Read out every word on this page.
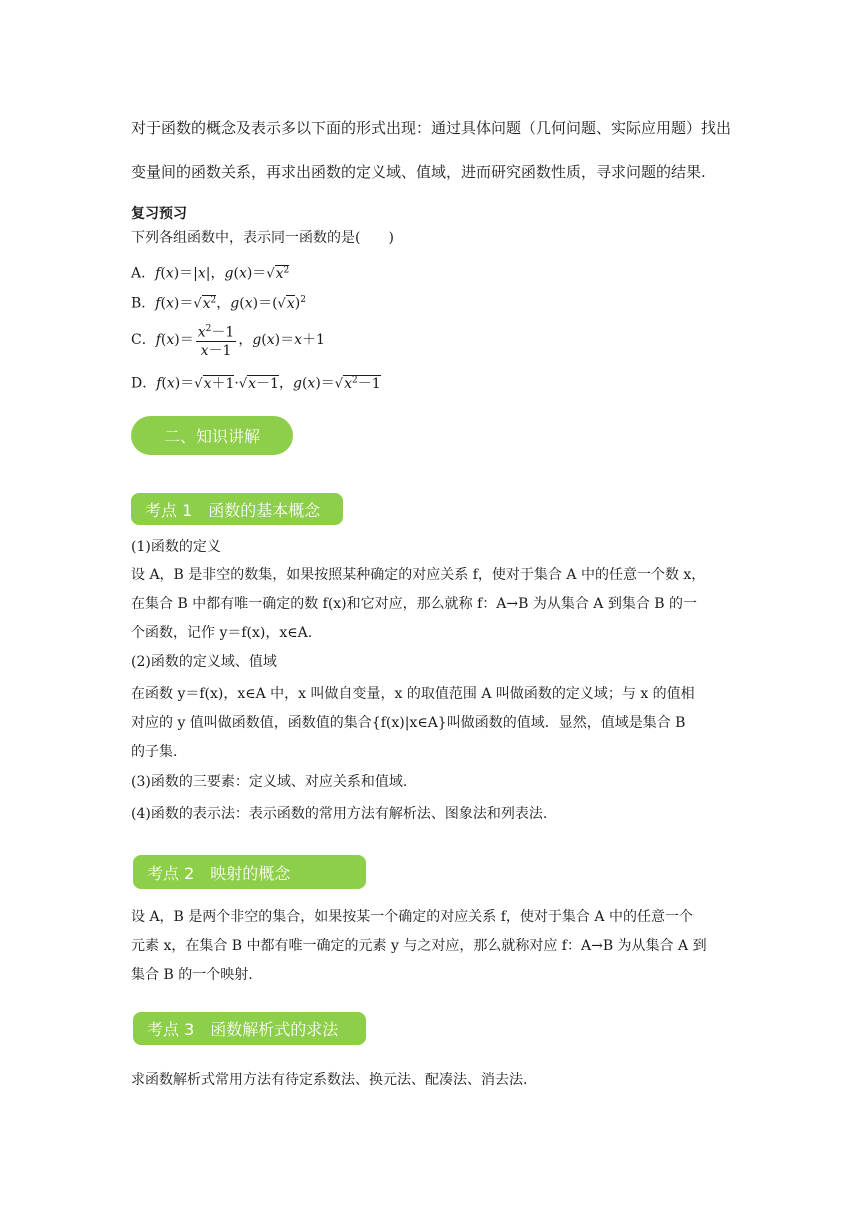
对于函数的概念及表示多以下面的形式出现：通过具体问题（几何问题、实际应用题）找出
变量间的函数关系，再求出函数的定义域、值域，进而研究函数性质，寻求问题的结果.
复习预习
下列各组函数中，表示同一函数的是(　　)
A．f(x)＝|x|，$g(x)=√x^2$
B．$f(x)=√x^2$，$g(x)=(√x)^2$
C． f ( x )＝ $\frac{x^2-1}{x-1}$ ， g ( x )＝ x ＋1
D．f(x)＝√x＋1·√x－1，$g(x)=√x^2-1$
二、知识讲解
考点 1　函数的基本概念
(1)函数的定义
设 A，B 是非空的数集，如果按照某种确定的对应关系 f，使对于集合 A 中的任意一个数 x，
在集合 B 中都有唯一确定的数 f(x)和它对应，那么就称 f：A→B 为从集合 A 到集合 B 的一
个函数，记作 y＝f(x)，x∈A.
(2)函数的定义域、值域
在函数 y＝f(x)，x∈A 中，x 叫做自变量，x 的取值范围 A 叫做函数的定义域；与 x 的值相
对应的 y 值叫做函数值，函数值的集合{f(x)|x∈A}叫做函数的值域．显然，值域是集合 B
的子集.
(3)函数的三要素：定义域、对应关系和值域.
(4)函数的表示法：表示函数的常用方法有解析法、图象法和列表法.
考点 2　映射的概念
设 A，B 是两个非空的集合，如果按某一个确定的对应关系 f，使对于集合 A 中的任意一个
元素 x，在集合 B 中都有唯一确定的元素 y 与之对应，那么就称对应 f：A→B 为从集合 A 到
集合 B 的一个映射.
考点 3　函数解析式的求法
求函数解析式常用方法有待定系数法、换元法、配凑法、消去法.
